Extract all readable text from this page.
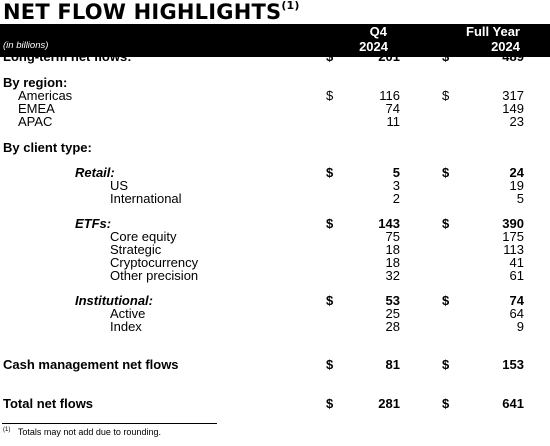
NET FLOW HIGHLIGHTS$^{(1)}$
(in billions)
Q4
2024
Full Year
2024
Long-term net flows:	$	201	$	489
By region:
Americas	$	116	$	317
EMEA	74	149
APAC	11	23
By client type:
Retail:	$	5	$	24
US	3	19
International	2	5
ETFs:	$	143	$	390
Core equity	75	175
Strategic	18	113
Cryptocurrency	18	41
Other precision	32	61
Institutional:	$	53	$	74
Active	25	64
Index	28	9
Cash management net flows	$	81	$	153
Total net flows	$	281	$	641
$^{(1)}$ Totals may not add due to rounding.
